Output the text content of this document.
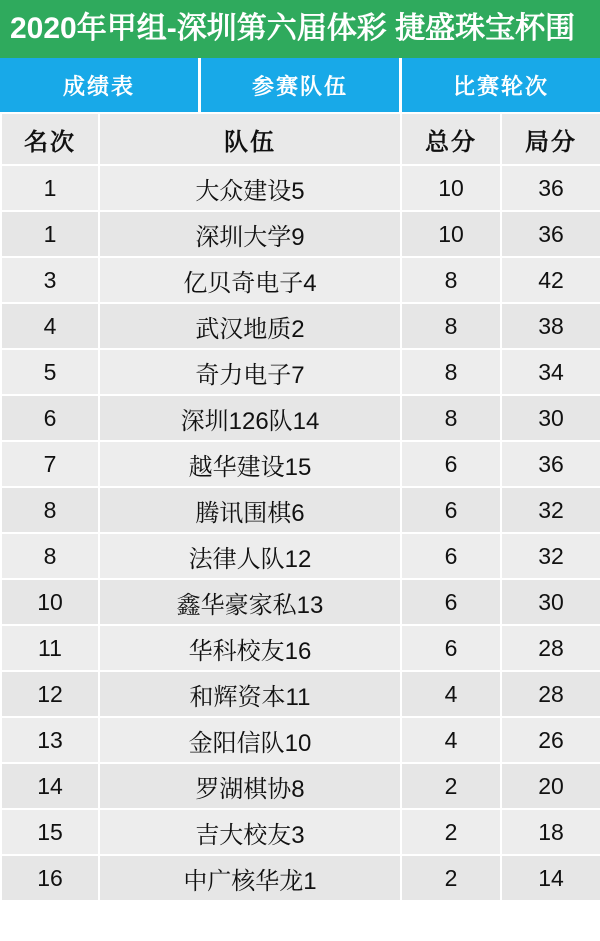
2020年甲组-深圳第六届体彩 捷盛珠宝杯围
成绩表	参赛队伍	比赛轮次
名次	队伍	总分	局分
1	大众建设5	10	36
1	深圳大学9	10	36
3	亿贝奇电子4	8	42
4	武汉地质2	8	38
5	奇力电子7	8	34
6	深圳126队14	8	30
7	越华建设15	6	36
8	腾讯围棋6	6	32
8	法律人队12	6	32
10	鑫华豪家私13	6	30
11	华科校友16	6	28
12	和辉资本11	4	28
13	金阳信队10	4	26
14	罗湖棋协8	2	20
15	吉大校友3	2	18
16	中广核华龙1	2	14
